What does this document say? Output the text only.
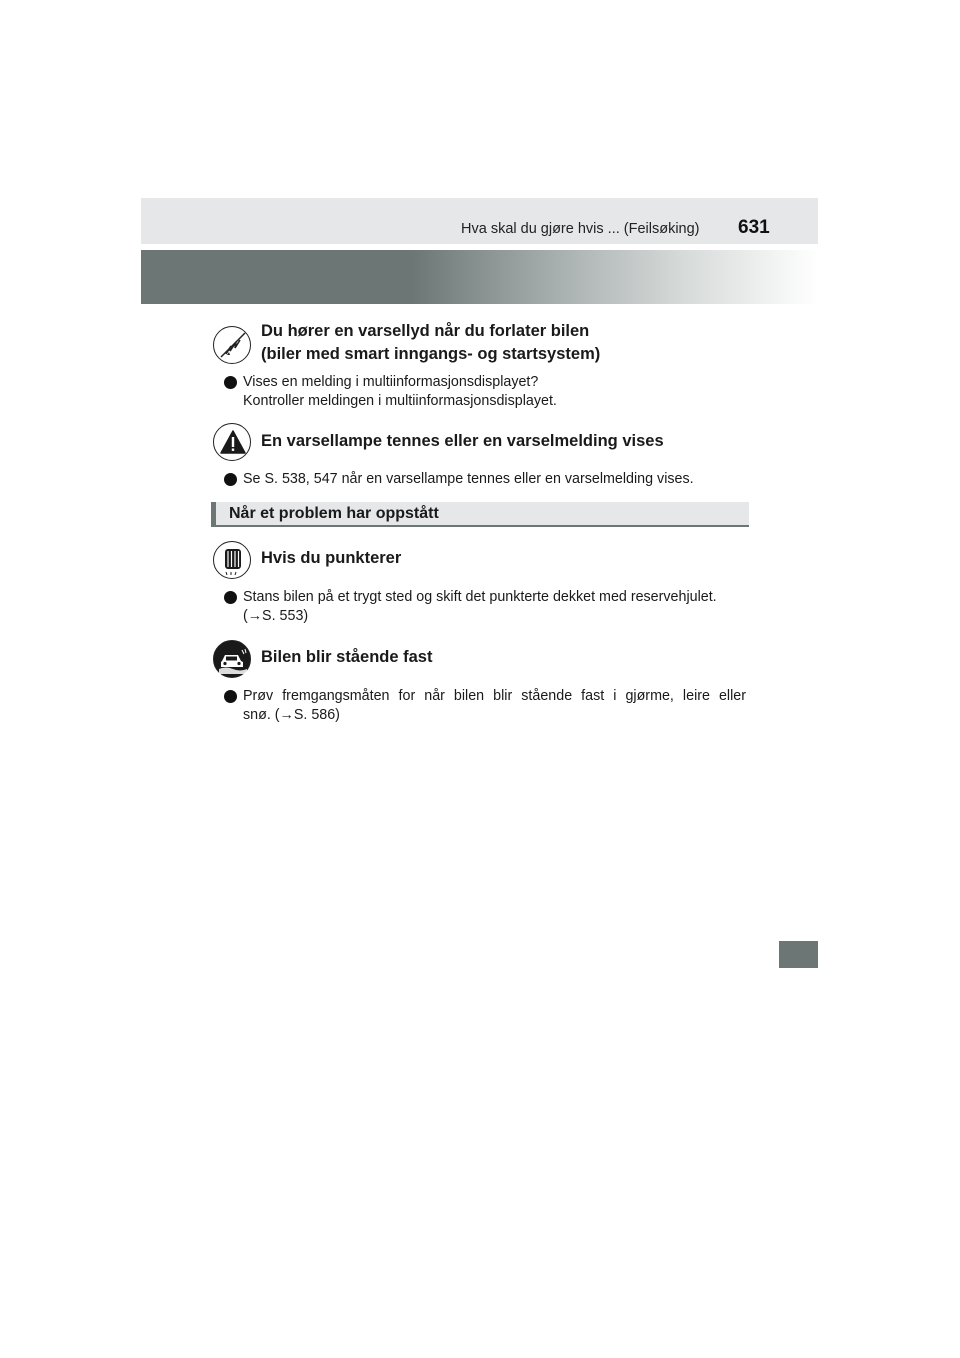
Hva skal du gjøre hvis ... (Feilsøking) 631
Du hører en varsellyd når du forlater bilen
(biler med smart inngangs- og startsystem)
Vises en melding i multiinformasjonsdisplayet?
Kontroller meldingen i multiinformasjonsdisplayet.
En varsellampe tennes eller en varselmelding vises
Se S. 538, 547 når en varsellampe tennes eller en varselmelding vises.
Når et problem har oppstått
Hvis du punkterer
Stans bilen på et trygt sted og skift det punkterte dekket med reservehjulet.
(→S. 553)
Bilen blir stående fast
Prøv fremgangsmåten for når bilen blir stående fast i gjørme, leire eller
snø. (→S. 586)
